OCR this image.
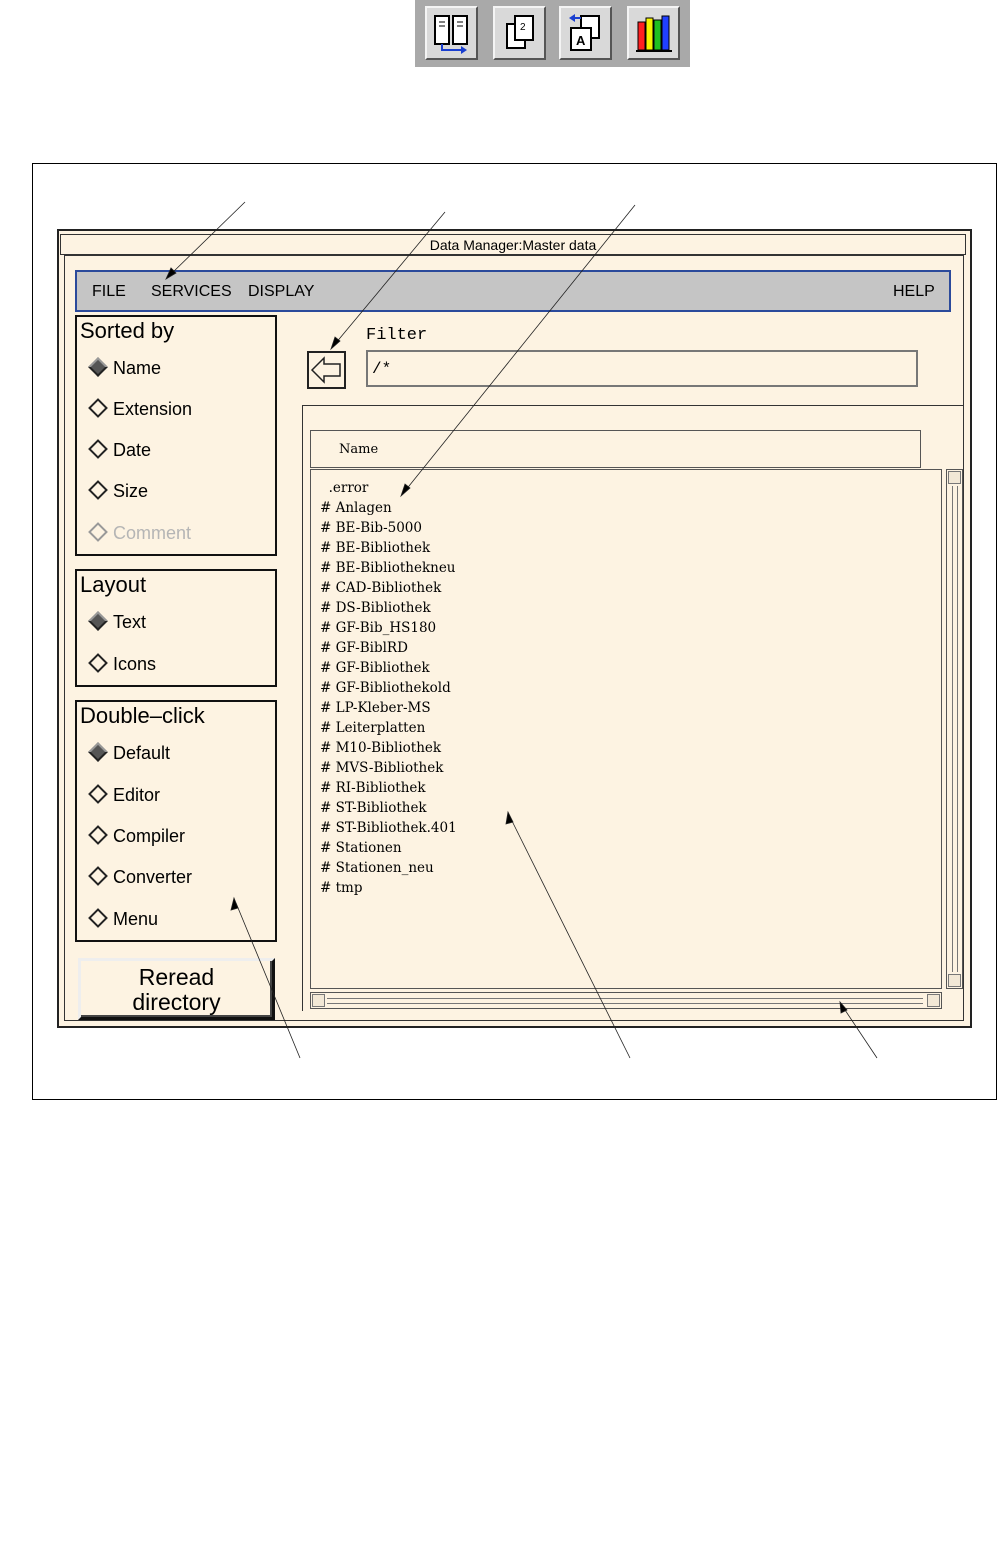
2
A
Data Manager:Master data
FILE SERVICES DISPLAY	HELP
Sorted by
Name
Extension
Date
Size
Comment
Layout
Text
Icons
Double–click
Default
Editor
Compiler
Converter
Menu
Reread
directory
Filter
/*
Name
.error
# Anlagen
# BE-Bib-5000
# BE-Bibliothek
# BE-Bibliothekneu
# CAD-Bibliothek
# DS-Bibliothek
# GF-Bib_HS180
# GF-BiblRD
# GF-Bibliothek
# GF-Bibliothekold
# LP-Kleber-MS
# Leiterplatten
# M10-Bibliothek
# MVS-Bibliothek
# RI-Bibliothek
# ST-Bibliothek
# ST-Bibliothek.401
# Stationen
# Stationen_neu
# tmp
